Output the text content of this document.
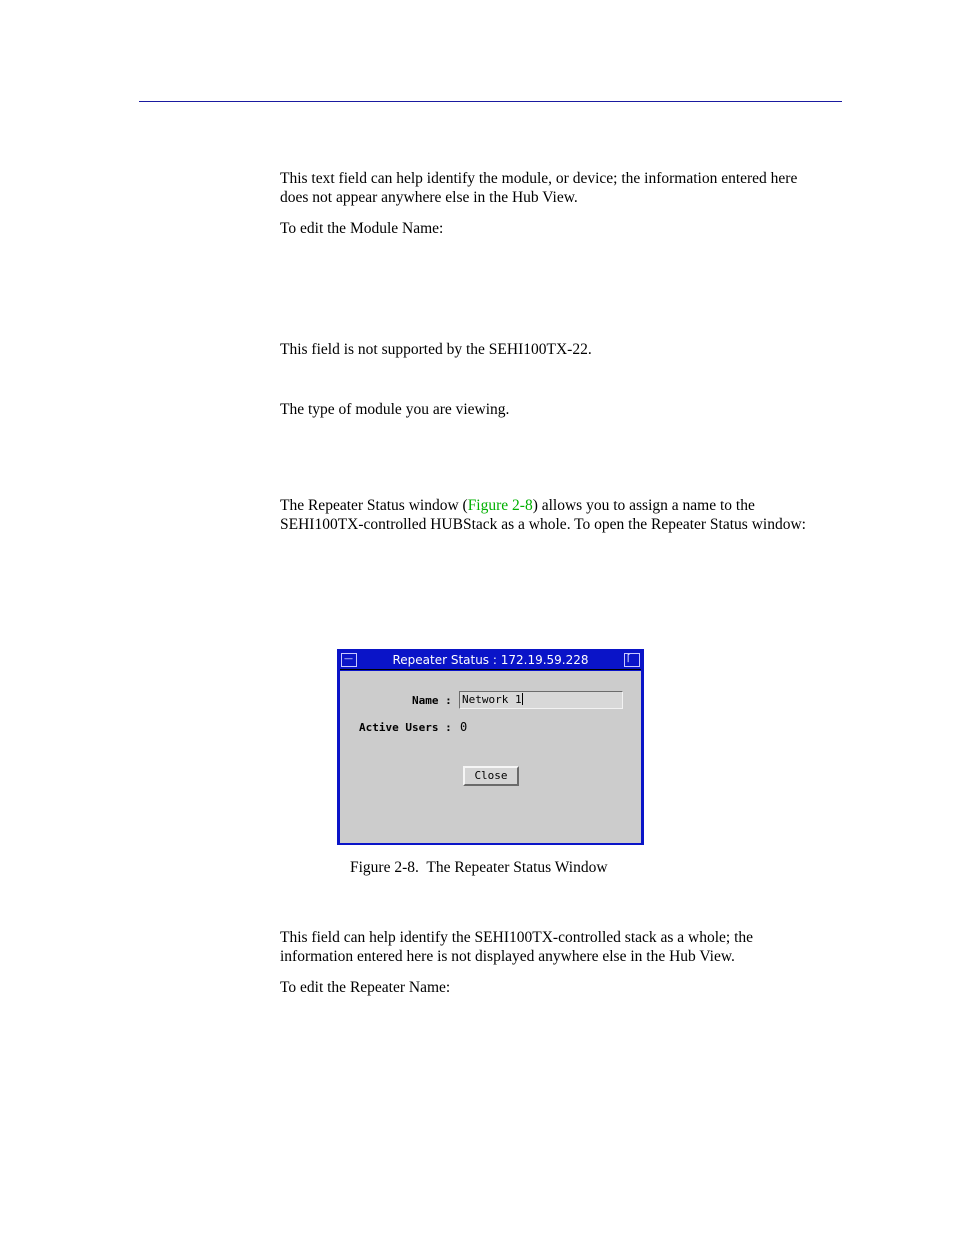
This text field can help identify the module, or device; the information entered here does not appear anywhere else in the Hub View.

To edit the Module Name:

This field is not supported by the SEHI100TX-22.

The type of module you are viewing.

The Repeater Status window (Figure 2-8) allows you to assign a name to the SEHI100TX-controlled HUBStack as a whole. To open the Repeater Status window:

—	Repeater Status : 172.19.59.228	⌈
Name : Network 1
Active Users : 0
Close

Figure 2-8.  The Repeater Status Window

This field can help identify the SEHI100TX-controlled stack as a whole; the information entered here is not displayed anywhere else in the Hub View.

To edit the Repeater Name:
